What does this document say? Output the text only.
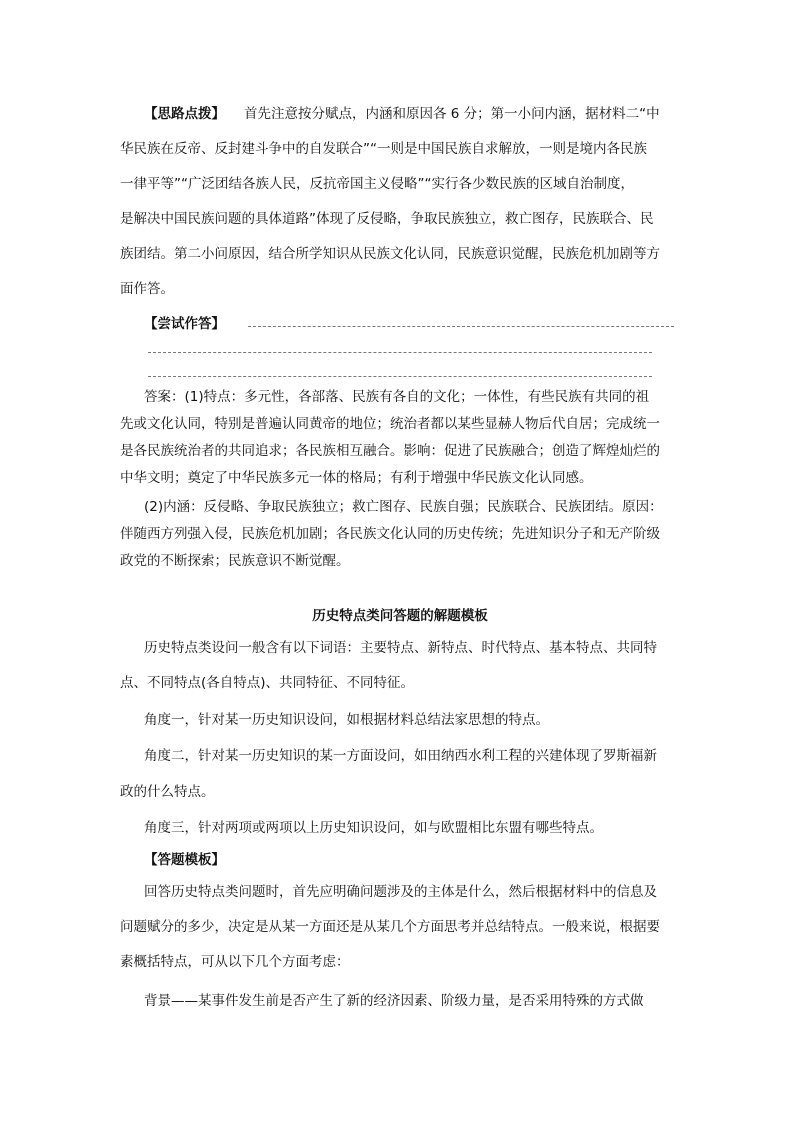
【思路点拨】 首先注意按分赋点，内涵和原因各 6 分；第一小问内涵，据材料二“中
华民族在反帝、反封建斗争中的自发联合”“一则是中国民族自求解放，一则是境内各民族
一律平等”“广泛团结各族人民，反抗帝国主义侵略”“实行各少数民族的区域自治制度，
是解决中国民族问题的具体道路”体现了反侵略，争取民族独立，救亡图存，民族联合、民
族团结。第二小问原因，结合所学知识从民族文化认同，民族意识觉醒，民族危机加剧等方
面作答。
【尝试作答】
答案：(1)特点：多元性，各部落、民族有各自的文化；一体性，有些民族有共同的祖
先或文化认同，特别是普遍认同黄帝的地位；统治者都以某些显赫人物后代自居；完成统一
是各民族统治者的共同追求；各民族相互融合。影响：促进了民族融合；创造了辉煌灿烂的
中华文明；奠定了中华民族多元一体的格局；有利于增强中华民族文化认同感。
(2)内涵：反侵略、争取民族独立；救亡图存、民族自强；民族联合、民族团结。原因：
伴随西方列强入侵，民族危机加剧；各民族文化认同的历史传统；先进知识分子和无产阶级
政党的不断探索；民族意识不断觉醒。
历史特点类问答题的解题模板
历史特点类设问一般含有以下词语：主要特点、新特点、时代特点、基本特点、共同特
点、不同特点(各自特点)、共同特征、不同特征。
角度一，针对某一历史知识设问，如根据材料总结法家思想的特点。
角度二，针对某一历史知识的某一方面设问，如田纳西水利工程的兴建体现了罗斯福新
政的什么特点。
角度三，针对两项或两项以上历史知识设问，如与欧盟相比东盟有哪些特点。
【答题模板】
回答历史特点类问题时，首先应明确问题涉及的主体是什么，然后根据材料中的信息及
问题赋分的多少，决定是从某一方面还是从某几个方面思考并总结特点。一般来说，根据要
素概括特点，可从以下几个方面考虑：
背景——某事件发生前是否产生了新的经济因素、阶级力量，是否采用特殊的方式做
